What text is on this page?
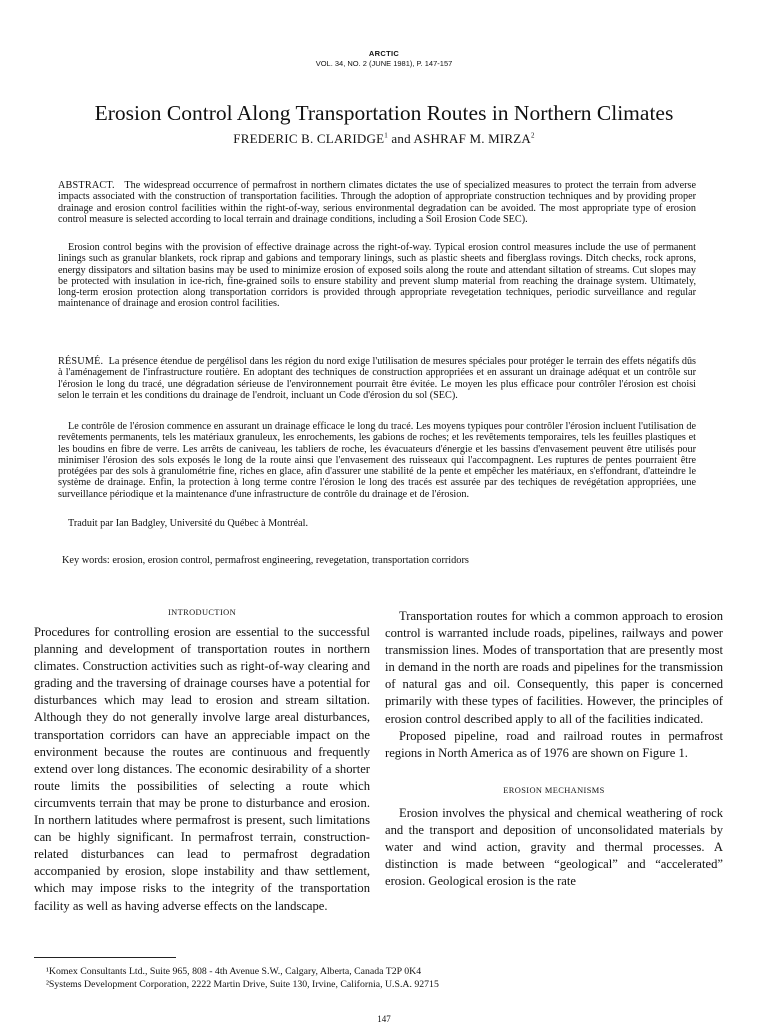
ARCTIC
VOL. 34, NO. 2 (JUNE 1981), P. 147-157
Erosion Control Along Transportation Routes in Northern Climates
FREDERIC B. CLARIDGE$^1$ and ASHRAF M. MIRZA$^2$

ABSTRACT. The widespread occurrence of permafrost in northern climates dictates the use of specialized measures to protect the terrain from adverse impacts associated with the construction of transportation facilities. Through the adoption of appropriate construction techniques and by providing proper drainage and erosion control facilities within the right-of-way, serious environmental degradation can be avoided. The most appropriate type of erosion control measure is selected according to local terrain and drainage conditions, including a Soil Erosion Code SEC).

Erosion control begins with the provision of effective drainage across the right-of-way. Typical erosion control measures include the use of permanent linings such as granular blankets, rock riprap and gabions and temporary linings, such as plastic sheets and fiberglass rovings. Ditch checks, rock aprons, energy dissipators and siltation basins may be used to minimize erosion of exposed soils along the route and attendant siltation of streams. Cut slopes may be protected with insulation in ice-rich, fine-grained soils to ensure stability and prevent slump material from reaching the drainage system. Ultimately, long-term erosion protection along transportation corridors is provided through appropriate revegetation techniques, periodic surveillance and regular maintenance of drainage and erosion control facilities.

RÉSUMÉ. La présence étendue de pergélisol dans les région du nord exige l'utilisation de mesures spéciales pour protéger le terrain des effets négatifs dûs à l'aménagement de l'infrastructure routière. En adoptant des techniques de construction appropriées et en assurant un drainage adéquat et un contrôle sur l'érosion le long du tracé, une dégradation sérieuse de l'environnement pourrait être évitée. Le moyen les plus efficace pour contrôler l'érosion est choisi selon le terrain et les conditions du drainage de l'endroit, incluant un Code d'érosion du sol (SEC).

Le contrôle de l'érosion commence en assurant un drainage efficace le long du tracé. Les moyens typiques pour contrôler l'érosion incluent l'utilisation de revêtements permanents, tels les matériaux granuleux, les enrochements, les gabions de roches; et les revêtements temporaires, tels les feuilles plastiques et les boudins en fibre de verre. Les arrêts de caniveau, les tabliers de roche, les évacuateurs d'énergie et les bassins d'envasement peuvent être utilisés pour minimiser l'érosion des sols exposés le long de la route ainsi que l'envasement des ruisseaux qui l'accompagnent. Les ruptures de pentes pourraient être protégées par des sols à granulométrie fine, riches en glace, afin d'assurer une stabilité de la pente et empêcher les matériaux, en s'effondrant, d'atteindre le système de drainage. Enfin, la protection à long terme contre l'érosion le long des tracés est assurée par des techiques de revégétation appropriées, une surveillance périodique et la maintenance d'une infrastructure de contrôle du drainage et de l'érosion.

Traduit par Ian Badgley, Université du Québec à Montréal.

Key words: erosion, erosion control, permafrost engineering, revegetation, transportation corridors
INTRODUCTION

Procedures for controlling erosion are essential to the successful planning and development of transportation routes in northern climates. Construction activities such as right-of-way clearing and grading and the traversing of drainage courses have a potential for disturbances which may lead to erosion and stream siltation. Although they do not generally involve large areal disturbances, transportation corridors can have an appreciable impact on the environment because the routes are continuous and frequently extend over long distances. The economic desirability of a shorter route limits the possibilities of selecting a route which circumvents terrain that may be prone to disturbance and erosion. In northern latitudes where permafrost is present, such limitations can be highly significant. In permafrost terrain, construction-related disturbances can lead to permafrost degradation accompanied by erosion, slope instability and thaw settlement, which may impose risks to the integrity of the transportation facility as well as having adverse effects on the landscape.

Transportation routes for which a common approach to erosion control is warranted include roads, pipelines, railways and power transmission lines. Modes of transportation that are presently most in demand in the north are roads and pipelines for the transmission of natural gas and oil. Consequently, this paper is concerned primarily with these types of facilities. However, the principles of erosion control described apply to all of the facilities indicated.

Proposed pipeline, road and railroad routes in permafrost regions in North America as of 1976 are shown on Figure 1.

EROSION MECHANISMS

Erosion involves the physical and chemical weathering of rock and the transport and deposition of unconsolidated materials by water and wind action, gravity and thermal processes. A distinction is made between “geological” and “accelerated” erosion. Geological erosion is the rate

¹Komex Consultants Ltd., Suite 965, 808 - 4th Avenue S.W., Calgary, Alberta, Canada T2P 0K4

²Systems Development Corporation, 2222 Martin Drive, Suite 130, Irvine, California, U.S.A. 92715

147
